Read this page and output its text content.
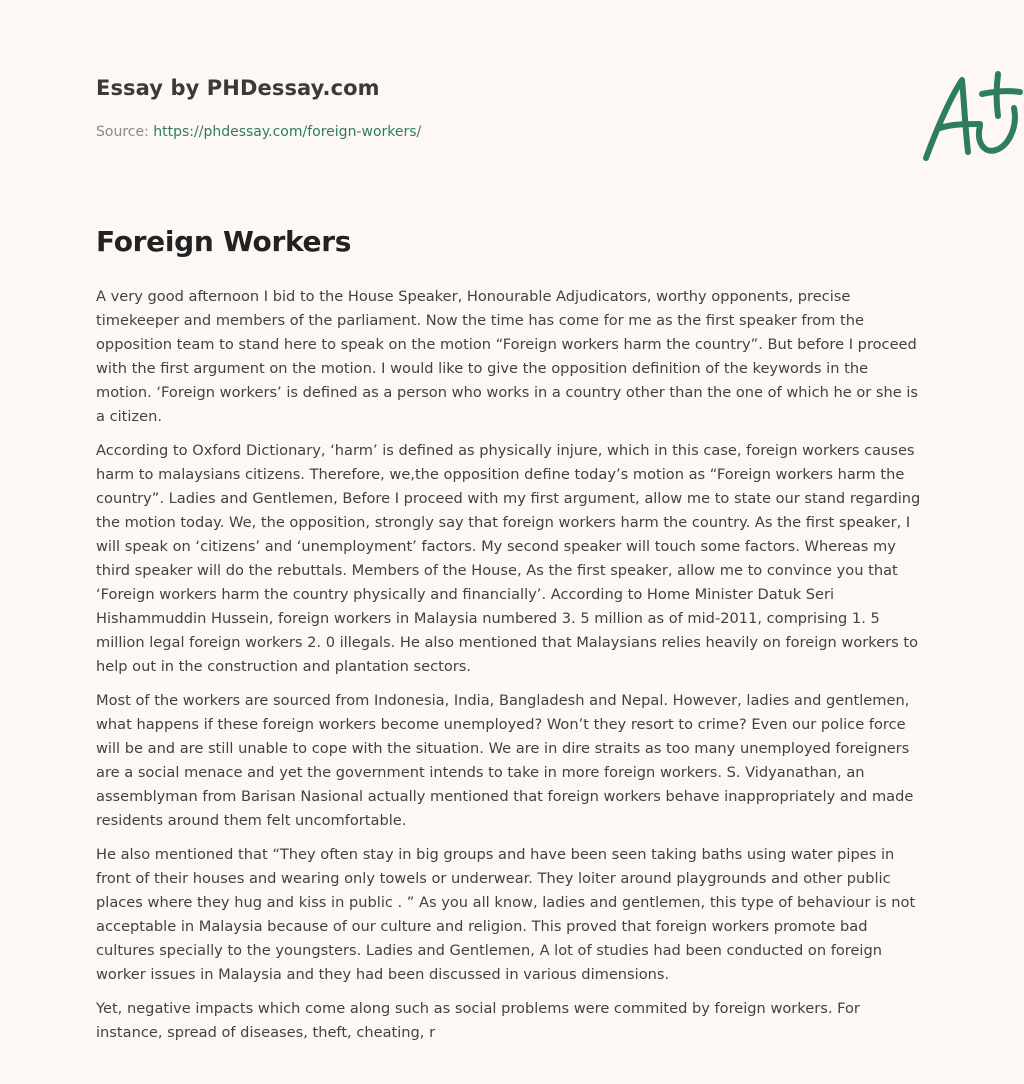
Essay by PHDessay.com
Source: https://phdessay.com/foreign-workers/
Foreign Workers

A very good afternoon I bid to the House Speaker, Honourable Adjudicators, worthy opponents, precise timekeeper and members of the parliament. Now the time has come for me as the first speaker from the opposition team to stand here to speak on the motion “Foreign workers harm the country”. But before I proceed with the first argument on the motion. I would like to give the opposition definition of the keywords in the motion. ‘Foreign workers’ is defined as a person who works in a country other than the one of which he or she is a citizen.

According to Oxford Dictionary, ‘harm’ is defined as physically injure, which in this case, foreign workers causes harm to malaysians citizens. Therefore, we,the opposition define today’s motion as “Foreign workers harm the country”. Ladies and Gentlemen, Before I proceed with my first argument, allow me to state our stand regarding the motion today. We, the opposition, strongly say that foreign workers harm the country. As the first speaker, I will speak on ‘citizens’ and ‘unemployment’ factors. My second speaker will touch some factors. Whereas my third speaker will do the rebuttals. Members of the House, As the first speaker, allow me to convince you that ‘Foreign workers harm the country physically and financially’. According to Home Minister Datuk Seri Hishammuddin Hussein, foreign workers in Malaysia numbered 3. 5 million as of mid-2011, comprising 1. 5 million legal foreign workers 2. 0 illegals. He also mentioned that Malaysians relies heavily on foreign workers to help out in the construction and plantation sectors.

Most of the workers are sourced from Indonesia, India, Bangladesh and Nepal. However, ladies and gentlemen, what happens if these foreign workers become unemployed? Won’t they resort to crime? Even our police force will be and are still unable to cope with the situation. We are in dire straits as too many unemployed foreigners are a social menace and yet the government intends to take in more foreign workers. S. Vidyanathan, an assemblyman from Barisan Nasional actually mentioned that foreign workers behave inappropriately and made residents around them felt uncomfortable.

He also mentioned that “They often stay in big groups and have been seen taking baths using water pipes in front of their houses and wearing only towels or underwear. They loiter around playgrounds and other public places where they hug and kiss in public . ” As you all know, ladies and gentlemen, this type of behaviour is not acceptable in Malaysia because of our culture and religion. This proved that foreign workers promote bad cultures specially to the youngsters. Ladies and Gentlemen, A lot of studies had been conducted on foreign worker issues in Malaysia and they had been discussed in various dimensions.

Yet, negative impacts which come along such as social problems were commited by foreign workers. For instance, spread of diseases, theft, cheating, r
